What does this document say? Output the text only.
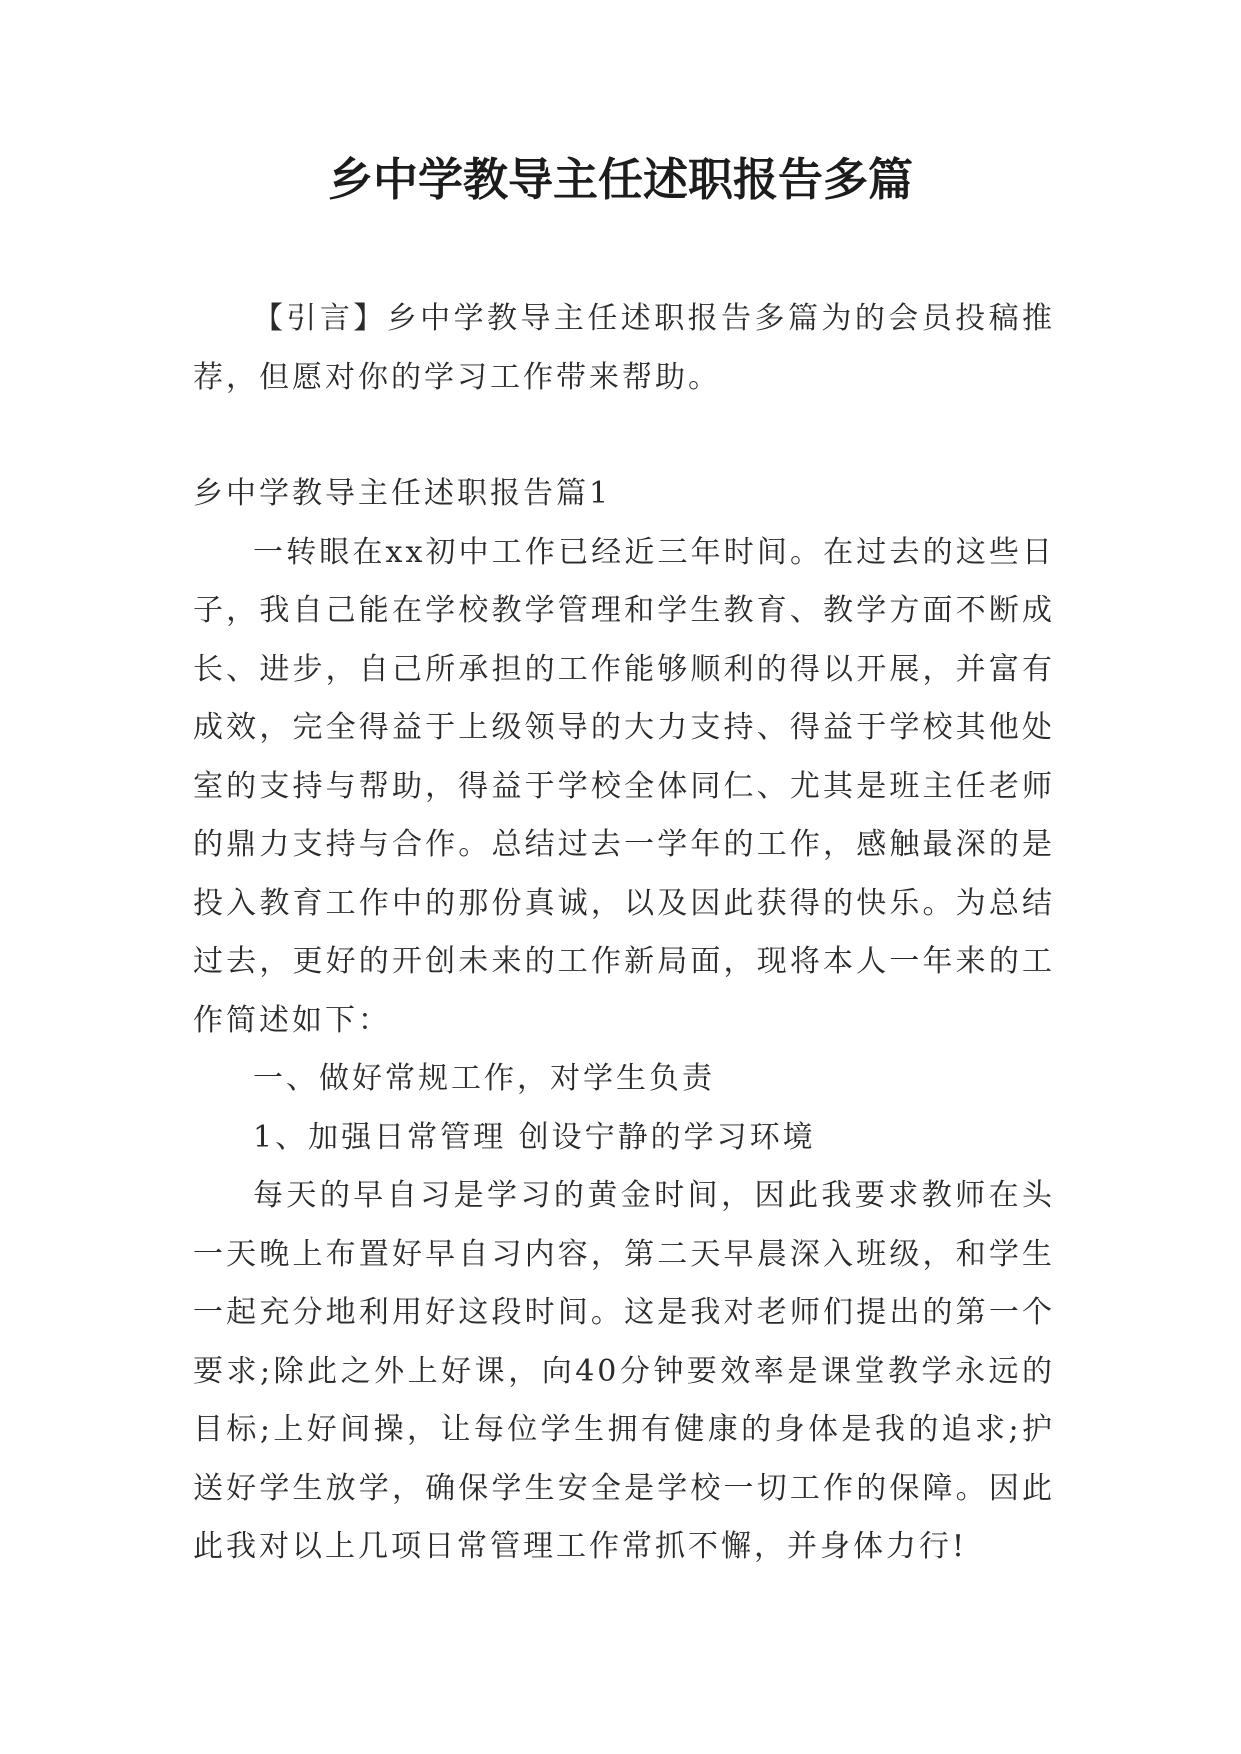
乡中学教导主任述职报告多篇

【引言】乡中学教导主任述职报告多篇为的会员投稿推荐，但愿对你的学习工作带来帮助。

乡中学教导主任述职报告篇1

一转眼在xx初中工作已经近三年时间。在过去的这些日子，我自己能在学校教学管理和学生教育、教学方面不断成长、进步，自己所承担的工作能够顺利的得以开展，并富有成效，完全得益于上级领导的大力支持、得益于学校其他处室的支持与帮助，得益于学校全体同仁、尤其是班主任老师的鼎力支持与合作。总结过去一学年的工作，感触最深的是投入教育工作中的那份真诚，以及因此获得的快乐。为总结过去，更好的开创未来的工作新局面，现将本人一年来的工作简述如下：

一、做好常规工作，对学生负责

1、加强日常管理 创设宁静的学习环境

每天的早自习是学习的黄金时间，因此我要求教师在头一天晚上布置好早自习内容，第二天早晨深入班级，和学生一起充分地利用好这段时间。这是我对老师们提出的第一个要求;除此之外上好课，向40分钟要效率是课堂教学永远的目标;上好间操，让每位学生拥有健康的身体是我的追求;护送好学生放学，确保学生安全是学校一切工作的保障。因此此我对以上几项日常管理工作常抓不懈，并身体力行!
